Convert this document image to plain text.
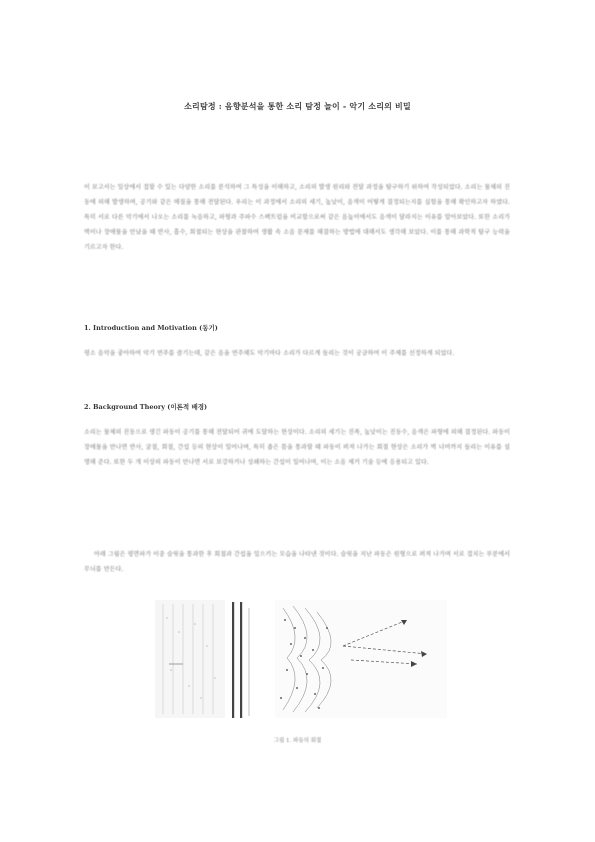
소리탐정 : 음향분석을 통한 소리 탐정 놀이 - 악기 소리의 비밀
이 보고서는 일상에서 접할 수 있는 다양한 소리를 분석하여 그 특성을 이해하고, 소리의 발생 원리와 전달 과정을 탐구하기 위하여 작성되었다. 소리는 물체의 진동에 의해 발생하며, 공기와 같은 매질을 통해 전달된다. 우리는 이 과정에서 소리의 세기, 높낮이, 음색이 어떻게 결정되는지를 실험을 통해 확인하고자 하였다. 특히 서로 다른 악기에서 나오는 소리를 녹음하고, 파형과 주파수 스펙트럼을 비교함으로써 같은 음높이에서도 음색이 달라지는 이유를 알아보았다. 또한 소리가 벽이나 장애물을 만났을 때 반사, 흡수, 회절되는 현상을 관찰하여 생활 속 소음 문제를 해결하는 방법에 대해서도 생각해 보았다. 이를 통해 과학적 탐구 능력을 기르고자 한다.
1. Introduction and Motivation (동기)
평소 음악을 좋아하여 악기 연주를 즐기는데, 같은 음을 연주해도 악기마다 소리가 다르게 들리는 것이 궁금하여 이 주제를 선정하게 되었다.
2. Background Theory (이론적 배경)
소리는 물체의 진동으로 생긴 파동이 공기를 통해 전달되어 귀에 도달하는 현상이다. 소리의 세기는 진폭, 높낮이는 진동수, 음색은 파형에 의해 결정된다. 파동이 장애물을 만나면 반사, 굴절, 회절, 간섭 등의 현상이 일어나며, 특히 좁은 틈을 통과할 때 파동이 퍼져 나가는 회절 현상은 소리가 벽 너머까지 들리는 이유를 설명해 준다. 또한 두 개 이상의 파동이 만나면 서로 보강하거나 상쇄하는 간섭이 일어나며, 이는 소음 제거 기술 등에 응용되고 있다.
아래 그림은 평면파가 이중 슬릿을 통과한 후 회절과 간섭을 일으키는 모습을 나타낸 것이다. 슬릿을 지난 파동은 원형으로 퍼져 나가며 서로 겹치는 부분에서 무늬를 만든다.
그림 1. 파동의 회절
